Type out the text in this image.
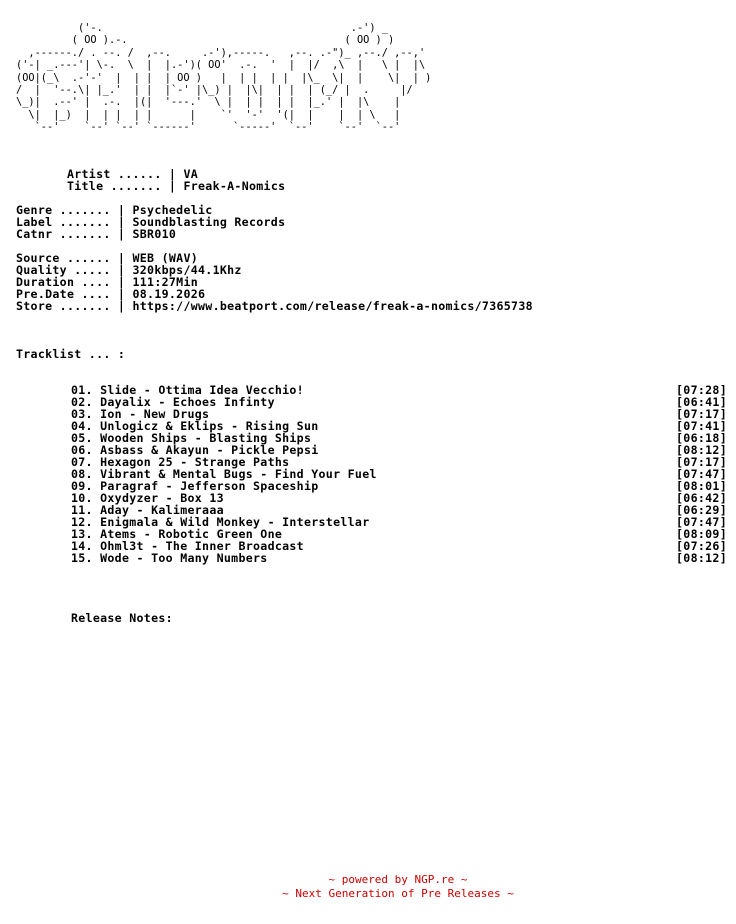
('-.                                        .-') _
( OO ).-.                                   ( OO ) )
,------./ . --. /  ,--.     .-'),-----.   ,--. .-")_ ,--./ ,--,'
('-| _.---'| \-.  \  |  |.-')( OO'  .-.  '  |  |/  ,\  |   \ |  |\
(OO|(_\  .-'-'  |  | |  | OO )   |  | |  | |  |\_  \|  |    \|  | )
/  |  '--.\| |_.'  | |  |`-' |\_) |  |\|  | |  | (_/ |  .     |/
\_)|  .--' |  .-.  |(|  '---.'  \ |  | |  | |  |_.' |  |\    |
\|  |_)  |  | |  | |      |    `'  '-'  '(|  |    |  | \   |
`--'    `--' `--' `------'      `-----'  `--'    `--'  `--'
Artist ...... | VA
Title ....... | Freak-A-Nomics
Genre ....... | Psychedelic
Label ....... | Soundblasting Records
Catnr ....... | SBR010
Source ...... | WEB (WAV)
Quality ..... | 320kbps/44.1Khz
Duration .... | 111:27Min
Pre.Date .... | 08.19.2026
Store ....... | https://www.beatport.com/release/freak-a-nomics/7365738
Tracklist ... :
01. Slide - Ottima Idea Vecchio!	[07:28]
02. Dayalix - Echoes Infinty	[06:41]
03. Ion - New Drugs	[07:17]
04. Unlogicz & Eklips - Rising Sun	[07:41]
05. Wooden Ships - Blasting Ships	[06:18]
06. Asbass & Akayun - Pickle Pepsi	[08:12]
07. Hexagon 25 - Strange Paths	[07:17]
08. Vibrant & Mental Bugs - Find Your Fuel	[07:47]
09. Paragraf - Jefferson Spaceship	[08:01]
10. Oxydyzer - Box 13	[06:42]
11. Aday - Kalimeraaa	[06:29]
12. Enigmala & Wild Monkey - Interstellar	[07:47]
13. Atems - Robotic Green One	[08:09]
14. Ohml3t - The Inner Broadcast	[07:26]
15. Wode - Too Many Numbers	[08:12]
Release Notes:
~ powered by NGP.re ~
~ Next Generation of Pre Releases ~
